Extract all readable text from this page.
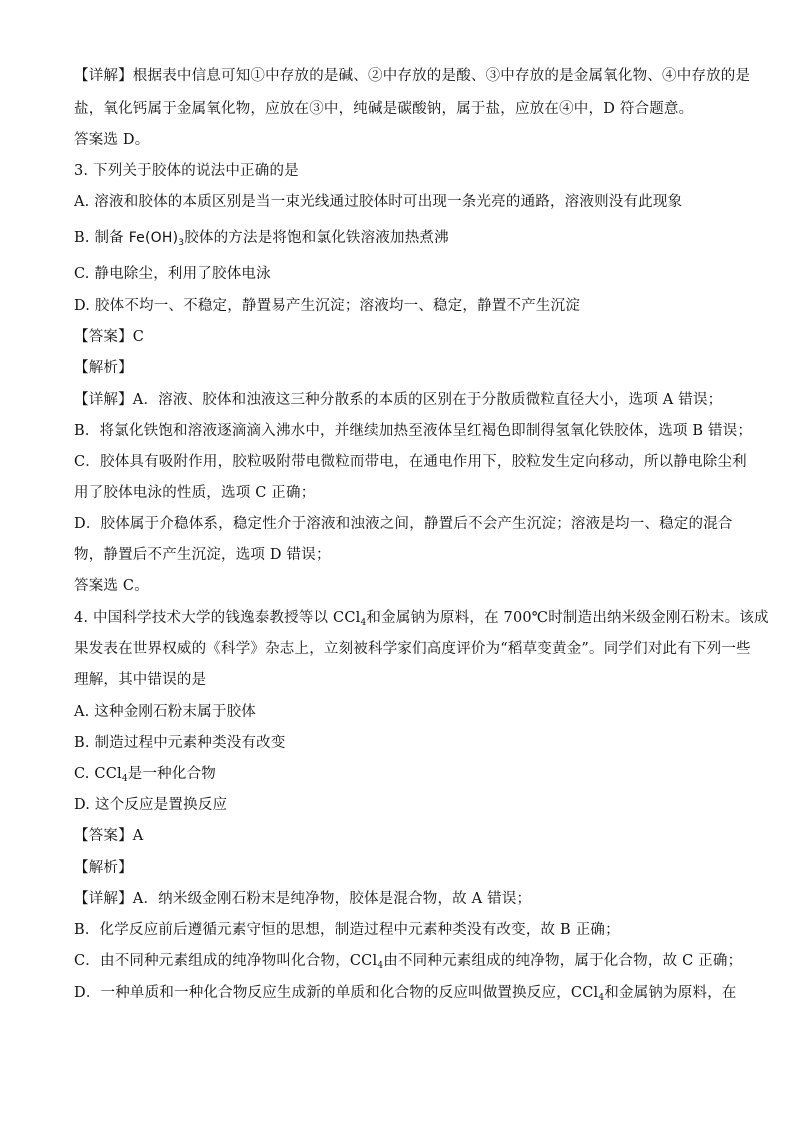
【详解】根据表中信息可知①中存放的是碱、②中存放的是酸、③中存放的是金属氧化物、④中存放的是
盐，氧化钙属于金属氧化物，应放在③中，纯碱是碳酸钠，属于盐，应放在④中，D 符合题意。
答案选 D。
3. 下列关于胶体的说法中正确的是
A. 溶液和胶体的本质区别是当一束光线通过胶体时可出现一条光亮的通路，溶液则没有此现象
B. 制备 $Fe(OH)_3$胶体的方法是将饱和氯化铁溶液加热煮沸
C. 静电除尘，利用了胶体电泳
D. 胶体不均一、不稳定，静置易产生沉淀；溶液均一、稳定，静置不产生沉淀
【答案】C
【解析】
【详解】A．溶液、胶体和浊液这三种分散系的本质的区别在于分散质微粒直径大小，选项 A 错误；
B．将氯化铁饱和溶液逐滴滴入沸水中，并继续加热至液体呈红褐色即制得氢氧化铁胶体，选项 B 错误；
C．胶体具有吸附作用，胶粒吸附带电微粒而带电，在通电作用下，胶粒发生定向移动，所以静电除尘利
用了胶体电泳的性质，选项 C 正确；
D．胶体属于介稳体系，稳定性介于溶液和浊液之间，静置后不会产生沉淀；溶液是均一、稳定的混合
物，静置后不产生沉淀，选项 D 错误；
答案选 C。
4. 中国科学技术大学的钱逸泰教授等以 CCl$_4$和金属钠为原料，在 700℃时制造出纳米级金刚石粉末。该成
果发表在世界权威的《科学》杂志上，立刻被科学家们高度评价为“稻草变黄金”。同学们对此有下列一些
理解，其中错误的是
A. 这种金刚石粉末属于胶体
B. 制造过程中元素种类没有改变
C. CCl$_4$是一种化合物
D. 这个反应是置换反应
【答案】A
【解析】
【详解】A．纳米级金刚石粉末是纯净物，胶体是混合物，故 A 错误；
B．化学反应前后遵循元素守恒的思想，制造过程中元素种类没有改变，故 B 正确；
C．由不同种元素组成的纯净物叫化合物，CCl$_4$由不同种元素组成的纯净物，属于化合物，故 C 正确；
D．一种单质和一种化合物反应生成新的单质和化合物的反应叫做置换反应，CCl$_4$和金属钠为原料，在
